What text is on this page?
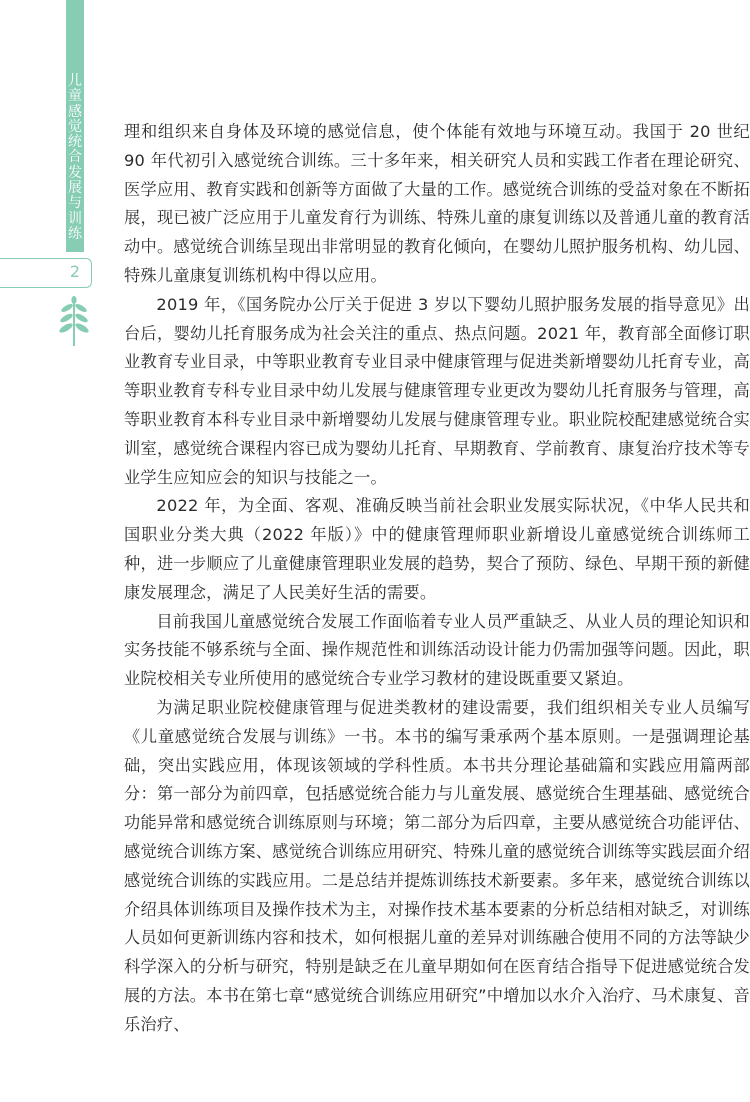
儿
童
感
觉
统
合
发
展
与
训
练
2

理和组织来自身体及环境的感觉信息，使个体能有效地与环境互动。我国于 20 世纪 90 年代初引入感觉统合训练。三十多年来，相关研究人员和实践工作者在理论研究、医学应用、教育实践和创新等方面做了大量的工作。感觉统合训练的受益对象在不断拓展，现已被广泛应用于儿童发育行为训练、特殊儿童的康复训练以及普通儿童的教育活动中。感觉统合训练呈现出非常明显的教育化倾向，在婴幼儿照护服务机构、幼儿园、特殊儿童康复训练机构中得以应用。

2019 年，《国务院办公厅关于促进 3 岁以下婴幼儿照护服务发展的指导意见》出台后，婴幼儿托育服务成为社会关注的重点、热点问题。2021 年，教育部全面修订职业教育专业目录，中等职业教育专业目录中健康管理与促进类新增婴幼儿托育专业，高等职业教育专科专业目录中幼儿发展与健康管理专业更改为婴幼儿托育服务与管理，高等职业教育本科专业目录中新增婴幼儿发展与健康管理专业。职业院校配建感觉统合实训室，感觉统合课程内容已成为婴幼儿托育、早期教育、学前教育、康复治疗技术等专业学生应知应会的知识与技能之一。

2022 年，为全面、客观、准确反映当前社会职业发展实际状况，《中华人民共和国职业分类大典（2022 年版）》中的健康管理师职业新增设儿童感觉统合训练师工种，进一步顺应了儿童健康管理职业发展的趋势，契合了预防、绿色、早期干预的新健康发展理念，满足了人民美好生活的需要。

目前我国儿童感觉统合发展工作面临着专业人员严重缺乏、从业人员的理论知识和实务技能不够系统与全面、操作规范性和训练活动设计能力仍需加强等问题。因此，职业院校相关专业所使用的感觉统合专业学习教材的建设既重要又紧迫。

为满足职业院校健康管理与促进类教材的建设需要，我们组织相关专业人员编写《儿童感觉统合发展与训练》一书。本书的编写秉承两个基本原则。一是强调理论基础，突出实践应用，体现该领域的学科性质。本书共分理论基础篇和实践应用篇两部分：第一部分为前四章，包括感觉统合能力与儿童发展、感觉统合生理基础、感觉统合功能异常和感觉统合训练原则与环境；第二部分为后四章，主要从感觉统合功能评估、感觉统合训练方案、感觉统合训练应用研究、特殊儿童的感觉统合训练等实践层面介绍感觉统合训练的实践应用。二是总结并提炼训练技术新要素。多年来，感觉统合训练以介绍具体训练项目及操作技术为主，对操作技术基本要素的分析总结相对缺乏，对训练人员如何更新训练内容和技术，如何根据儿童的差异对训练融合使用不同的方法等缺少科学深入的分析与研究，特别是缺乏在儿童早期如何在医育结合指导下促进感觉统合发展的方法。本书在第七章“感觉统合训练应用研究”中增加以水介入治疗、马术康复、音乐治疗、
